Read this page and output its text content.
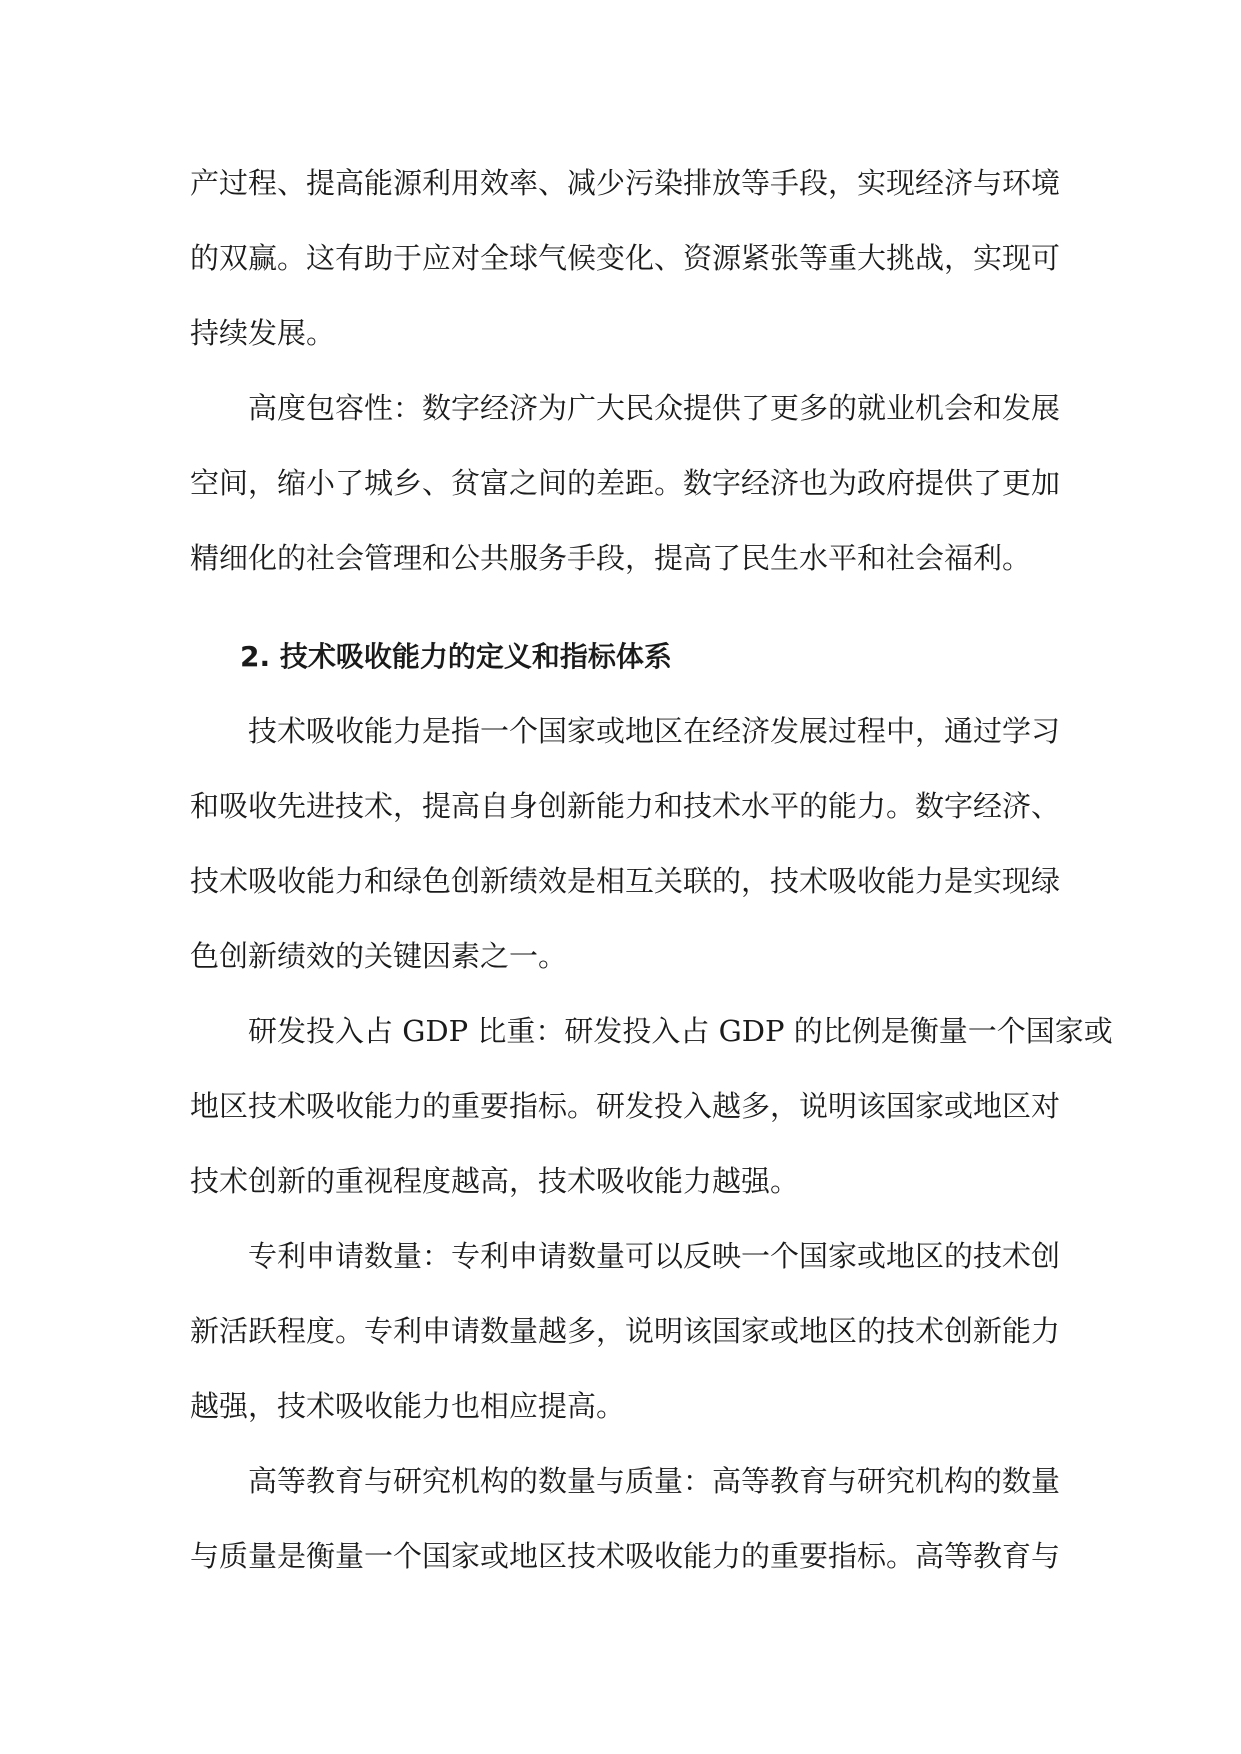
产过程、提高能源利用效率、减少污染排放等手段，实现经济与环境
的双赢。这有助于应对全球气候变化、资源紧张等重大挑战，实现可
持续发展。
高度包容性：数字经济为广大民众提供了更多的就业机会和发展
空间，缩小了城乡、贫富之间的差距。数字经济也为政府提供了更加
精细化的社会管理和公共服务手段，提高了民生水平和社会福利。
2. 技术吸收能力的定义和指标体系
技术吸收能力是指一个国家或地区在经济发展过程中，通过学习
和吸收先进技术，提高自身创新能力和技术水平的能力。数字经济、
技术吸收能力和绿色创新绩效是相互关联的，技术吸收能力是实现绿
色创新绩效的关键因素之一。
研发投入占 GDP 比重：研发投入占 GDP 的比例是衡量一个国家或
地区技术吸收能力的重要指标。研发投入越多，说明该国家或地区对
技术创新的重视程度越高，技术吸收能力越强。
专利申请数量：专利申请数量可以反映一个国家或地区的技术创
新活跃程度。专利申请数量越多，说明该国家或地区的技术创新能力
越强，技术吸收能力也相应提高。
高等教育与研究机构的数量与质量：高等教育与研究机构的数量
与质量是衡量一个国家或地区技术吸收能力的重要指标。高等教育与
